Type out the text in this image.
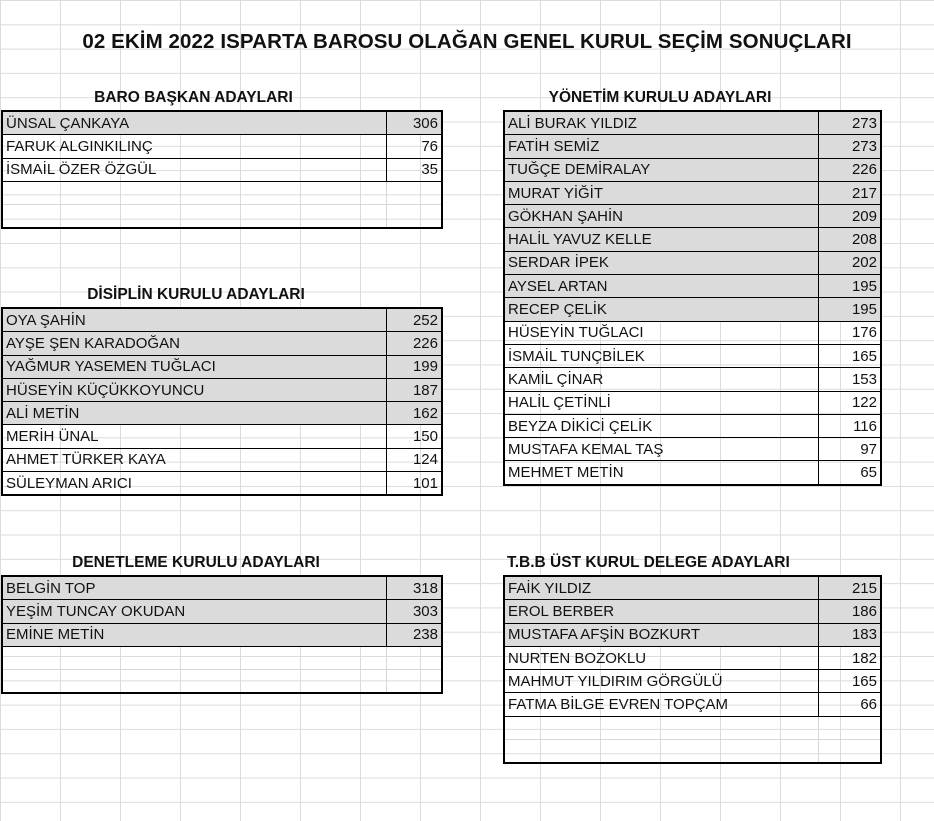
02 EKİM 2022 ISPARTA BAROSU OLAĞAN GENEL KURUL SEÇİM SONUÇLARI
BARO BAŞKAN ADAYLARI
ÜNSAL ÇANKAYA	306
FARUK ALGINKILINÇ	76
İSMAİL ÖZER ÖZGÜL	35

DİSİPLİN KURULU ADAYLARI
OYA ŞAHİN	252
AYŞE ŞEN KARADOĞAN	226
YAĞMUR YASEMEN TUĞLACI	199
HÜSEYİN KÜÇÜKKOYUNCU	187
ALİ METİN	162
MERİH ÜNAL	150
AHMET TÜRKER KAYA	124
SÜLEYMAN ARICI	101
DENETLEME KURULU ADAYLARI
BELGİN TOP	318
YEŞİM TUNCAY OKUDAN	303
EMİNE METİN	238

YÖNETİM KURULU ADAYLARI
ALİ BURAK YILDIZ	273
FATİH SEMİZ	273
TUĞÇE DEMİRALAY	226
MURAT YİĞİT	217
GÖKHAN ŞAHİN	209
HALİL YAVUZ KELLE	208
SERDAR İPEK	202
AYSEL ARTAN	195
RECEP ÇELİK	195
HÜSEYİN TUĞLACI	176
İSMAİL TUNÇBİLEK	165
KAMİL ÇİNAR	153
HALİL ÇETİNLİ	122
BEYZA DİKİCİ ÇELİK	116
MUSTAFA KEMAL TAŞ	97
MEHMET METİN	65
T.B.B ÜST KURUL DELEGE ADAYLARI
FAİK YILDIZ	215
EROL BERBER	186
MUSTAFA AFŞİN BOZKURT	183
NURTEN BOZOKLU	182
MAHMUT YILDIRIM GÖRGÜLÜ	165
FATMA BİLGE EVREN TOPÇAM	66
